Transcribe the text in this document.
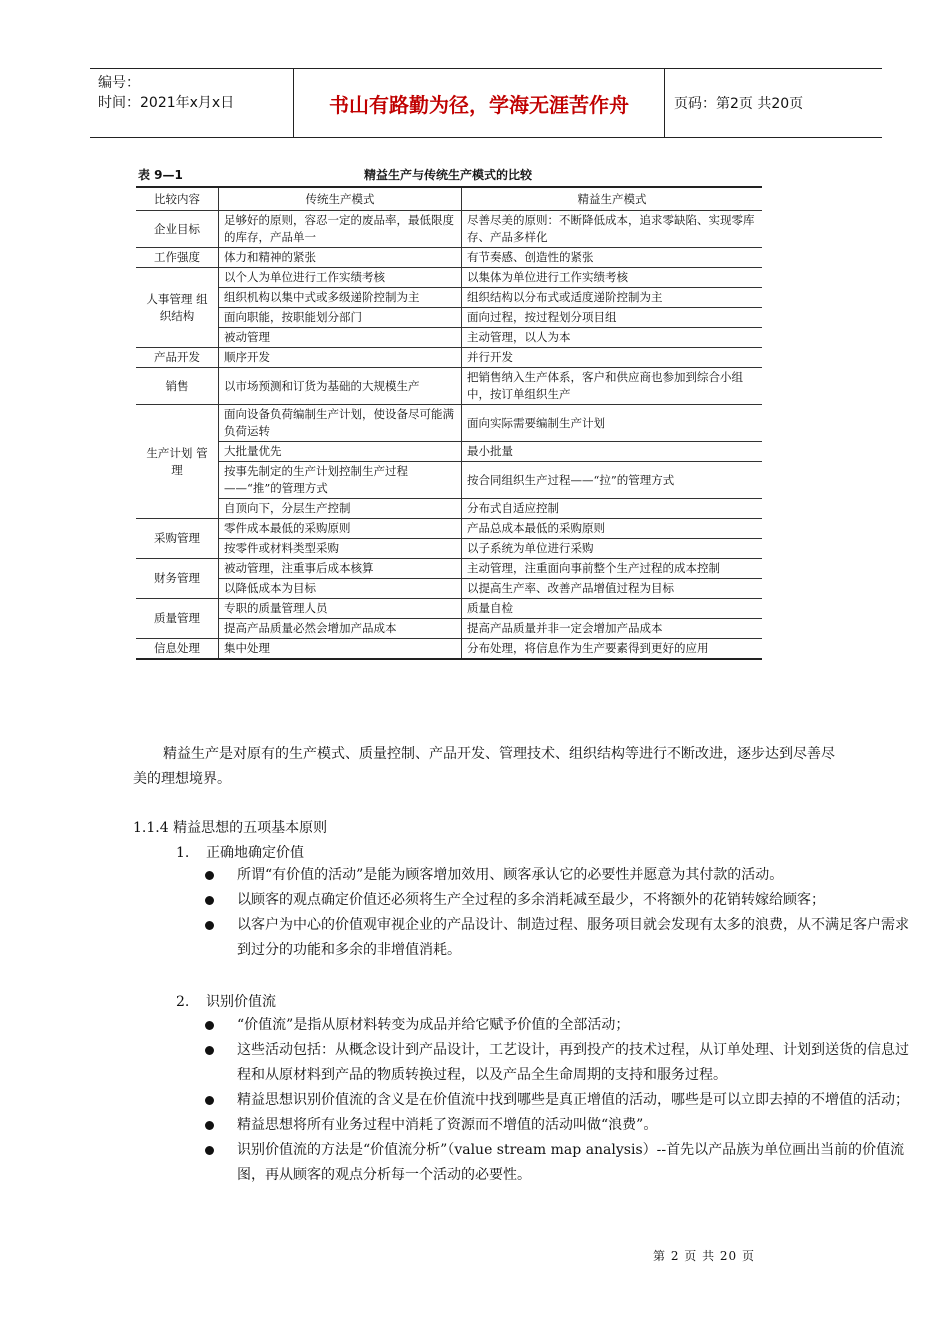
编号：
时间：2021年x月x日	书山有路勤为径，学海无涯苦作舟	页码：第2页 共20页
表 9—1	精益生产与传统生产模式的比较
比较内容	传统生产模式	精益生产模式
企业目标	足够好的原则，容忍一定的废品率，最低限度的库存，产品单一	尽善尽美的原则：不断降低成本，追求零缺陷、实现零库存、产品多样化
工作强度	体力和精神的紧张	有节奏感、创造性的紧张
人事管理 组织结构	以个人为单位进行工作实绩考核	以集体为单位进行工作实绩考核
	组织机构以集中式或多级递阶控制为主	组织结构以分布式或适度递阶控制为主
	面向职能，按职能划分部门	面向过程，按过程划分项目组
	被动管理	主动管理，以人为本
产品开发	顺序开发	并行开发
销售	以市场预测和订货为基础的大规模生产	把销售纳入生产体系，客户和供应商也参加到综合小组中，按订单组织生产
生产计划 管理	面向设备负荷编制生产计划，使设备尽可能满负荷运转	面向实际需要编制生产计划
	大批量优先	最小批量
	按事先制定的生产计划控制生产过程——“推”的管理方式	按合同组织生产过程——“拉”的管理方式
	自顶向下，分层生产控制	分布式自适应控制
采购管理	零件成本最低的采购原则	产品总成本最低的采购原则
	按零件或材料类型采购	以子系统为单位进行采购
财务管理	被动管理，注重事后成本核算	主动管理，注重面向事前整个生产过程的成本控制
	以降低成本为目标	以提高生产率、改善产品增值过程为目标
质量管理	专职的质量管理人员	质量自检
	提高产品质量必然会增加产品成本	提高产品质量并非一定会增加产品成本
信息处理	集中处理	分布处理，将信息作为生产要素得到更好的应用
精益生产是对原有的生产模式、质量控制、产品开发、管理技术、组织结构等进行不断改进，逐步达到尽善尽美的理想境界。
1.1.4 精益思想的五项基本原则
1. 正确地确定价值
所谓“有价值的活动”是能为顾客增加效用、顾客承认它的必要性并愿意为其付款的活动。
以顾客的观点确定价值还必须将生产全过程的多余消耗减至最少，不将额外的花销转嫁给顾客；
以客户为中心的价值观审视企业的产品设计、制造过程、服务项目就会发现有太多的浪费，从不满足客户需求到过分的功能和多余的非增值消耗。
2. 识别价值流
“价值流”是指从原材料转变为成品并给它赋予价值的全部活动；
这些活动包括：从概念设计到产品设计，工艺设计，再到投产的技术过程，从订单处理、计划到送货的信息过程和从原材料到产品的物质转换过程，以及产品全生命周期的支持和服务过程。
精益思想识别价值流的含义是在价值流中找到哪些是真正增值的活动，哪些是可以立即去掉的不增值的活动；
精益思想将所有业务过程中消耗了资源而不增值的活动叫做“浪费”。
识别价值流的方法是“价值流分析”（value stream map analysis）--首先以产品族为单位画出当前的价值流图，再从顾客的观点分析每一个活动的必要性。
第 2 页 共 20 页
